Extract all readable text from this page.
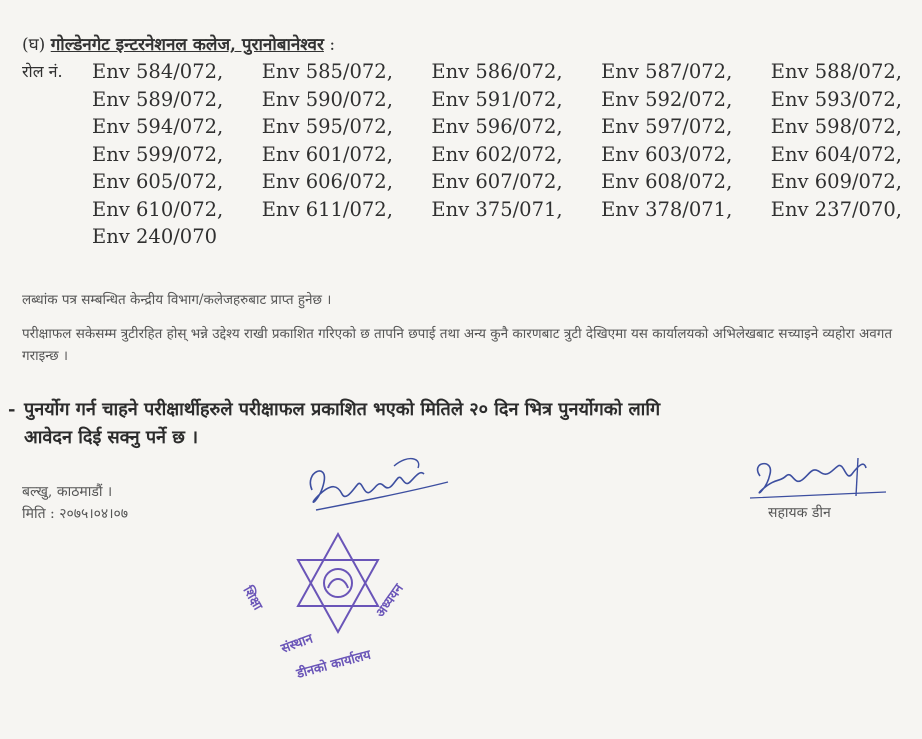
(घ) गोल्डेनगेट इन्टरनेशनल कलेज, पुरानोबानेश्वर :
रोल नं. Env 584/072, Env 585/072, Env 586/072, Env 587/072, Env 588/072,
Env 589/072, Env 590/072, Env 591/072, Env 592/072, Env 593/072,
Env 594/072, Env 595/072, Env 596/072, Env 597/072, Env 598/072,
Env 599/072, Env 601/072, Env 602/072, Env 603/072, Env 604/072,
Env 605/072, Env 606/072, Env 607/072, Env 608/072, Env 609/072,
Env 610/072, Env 611/072, Env 375/071, Env 378/071, Env 237/070,
Env 240/070
लब्धांक पत्र सम्बन्धित केन्द्रीय विभाग/कलेजहरुबाट प्राप्त हुनेछ ।
परीक्षाफल सकेसम्म त्रुटीरहित होस् भन्ने उद्देश्य राखी प्रकाशित गरिएको छ तापनि छपाई तथा अन्य कुनै कारणबाट त्रुटी देखिएमा यस कार्यालयको अभिलेखबाट सच्याइने व्यहोरा अवगत गराइन्छ ।
- पुनर्योग गर्न चाहने परीक्षार्थीहरुले परीक्षाफल प्रकाशित भएको मितिले २० दिन भित्र पुनर्योगको लागि
आवेदन दिई सक्नु पर्ने छ ।
बल्खु, काठमाडौं ।
मिति : २०७५।०४।०७	सहायक डीन
शिक्षा	अध्ययन
संस्थान
डीनको कार्यालय
